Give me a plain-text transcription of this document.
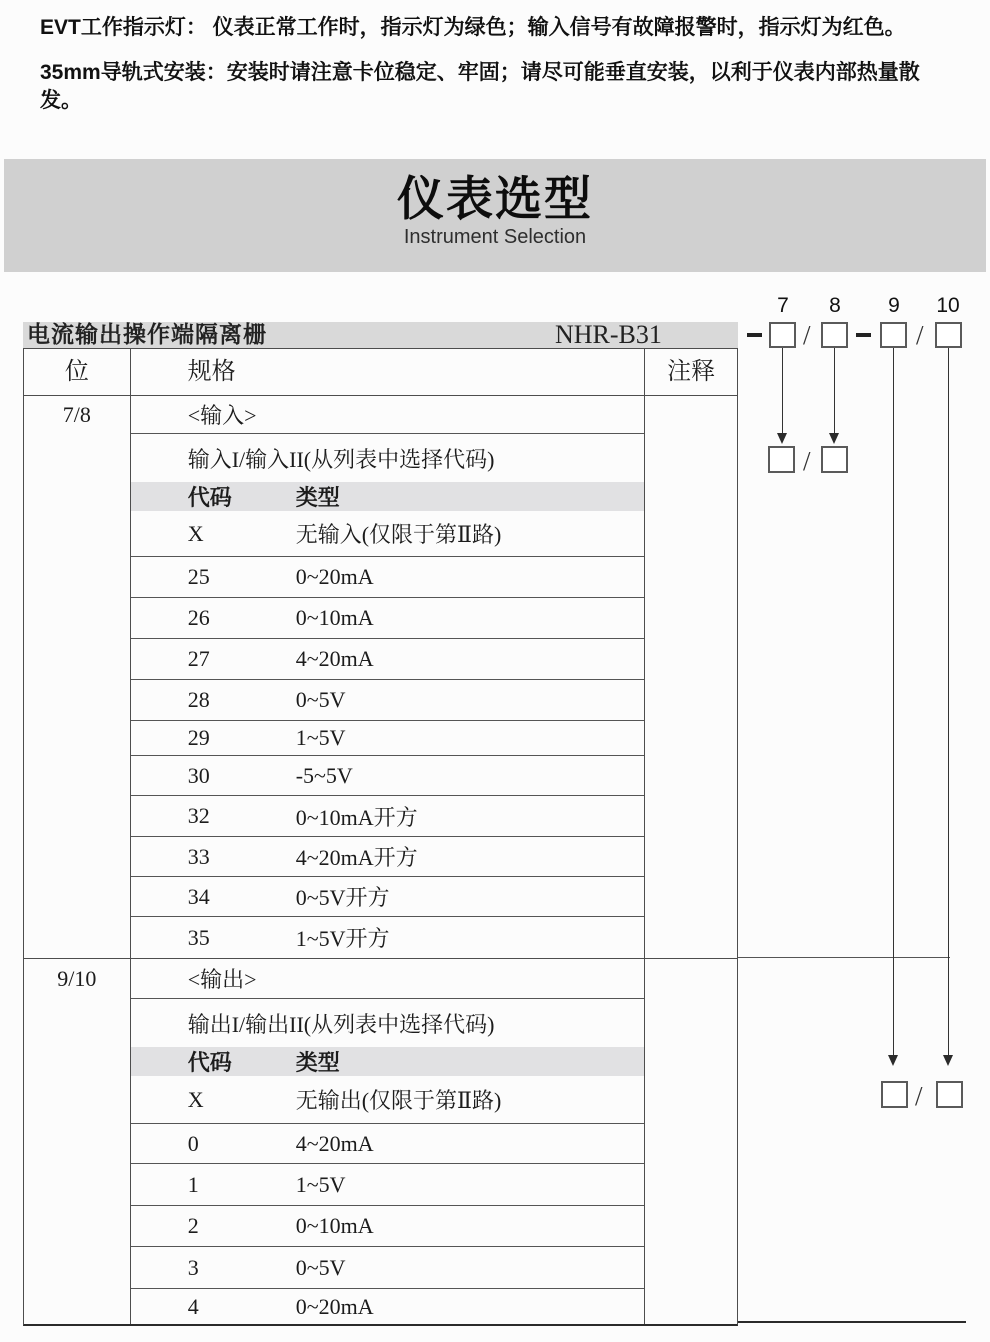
EVT工作指示灯： 仪表正常工作时，指示灯为绿色；输入信号有故障报警时，指示灯为红色。
35mm导轨式安装：安装时请注意卡位稳定、牢固；请尽可能垂直安装，以利于仪表内部热量散发。
仪表选型
Instrument Selection
电流输出操作端隔离栅	NHR-B31
位	规格	注释
7/8	<输入>
输入I/输入II(从列表中选择代码)
代码	类型
X	无输入(仅限于第Ⅱ路)
25	0~20mA
26	0~10mA
27	4~20mA
28	0~5V
29	1~5V
30	-5~5V
32	0~10mA开方
33	4~20mA开方
34	0~5V开方
35	1~5V开方
9/10	<输出>
输出I/输出II(从列表中选择代码)
代码	类型
X	无输出(仅限于第Ⅱ路)
0	4~20mA
1	1~5V
2	0~10mA
3	0~5V
4	0~20mA
7	8	9	10
/	/
/
/
